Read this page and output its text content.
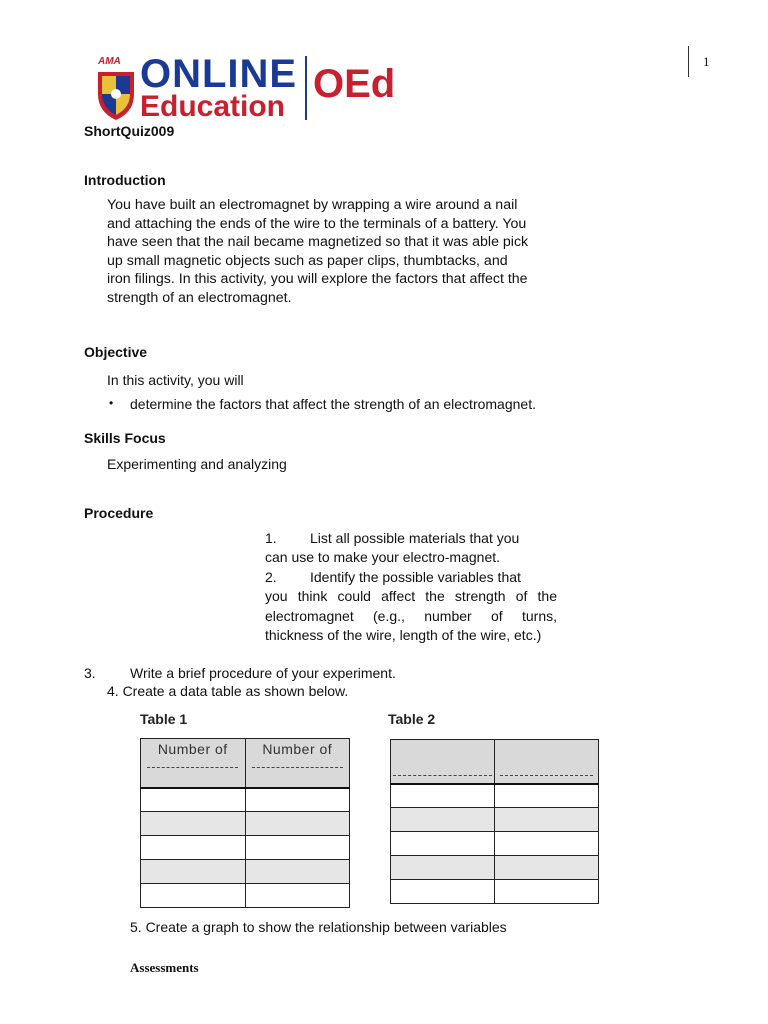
1
AMA ONLINE
Education
OEd
ShortQuiz009
Introduction
You have built an electromagnet by wrapping a wire around a nail
and attaching the ends of the wire to the terminals of a battery. You
have seen that the nail became magnetized so that it was able pick
up small magnetic objects such as paper clips, thumbtacks, and
iron filings. In this activity, you will explore the factors that affect the
strength of an electromagnet.
Objective
In this activity, you will
• determine the factors that affect the strength of an electromagnet.
Skills Focus
Experimenting and analyzing
Procedure
1. List all possible materials that you
can use to make your electro-magnet.
2. Identify the possible variables that
you think could affect the strength of the electromagnet (e.g., number of turns, thickness of the wire, length of the wire, etc.)
3. Write a brief procedure of your experiment.
4. Create a data table as shown below.
Table 1
Number of	Number of

Table 2

5. Create a graph to show the relationship between variables
Assessments
